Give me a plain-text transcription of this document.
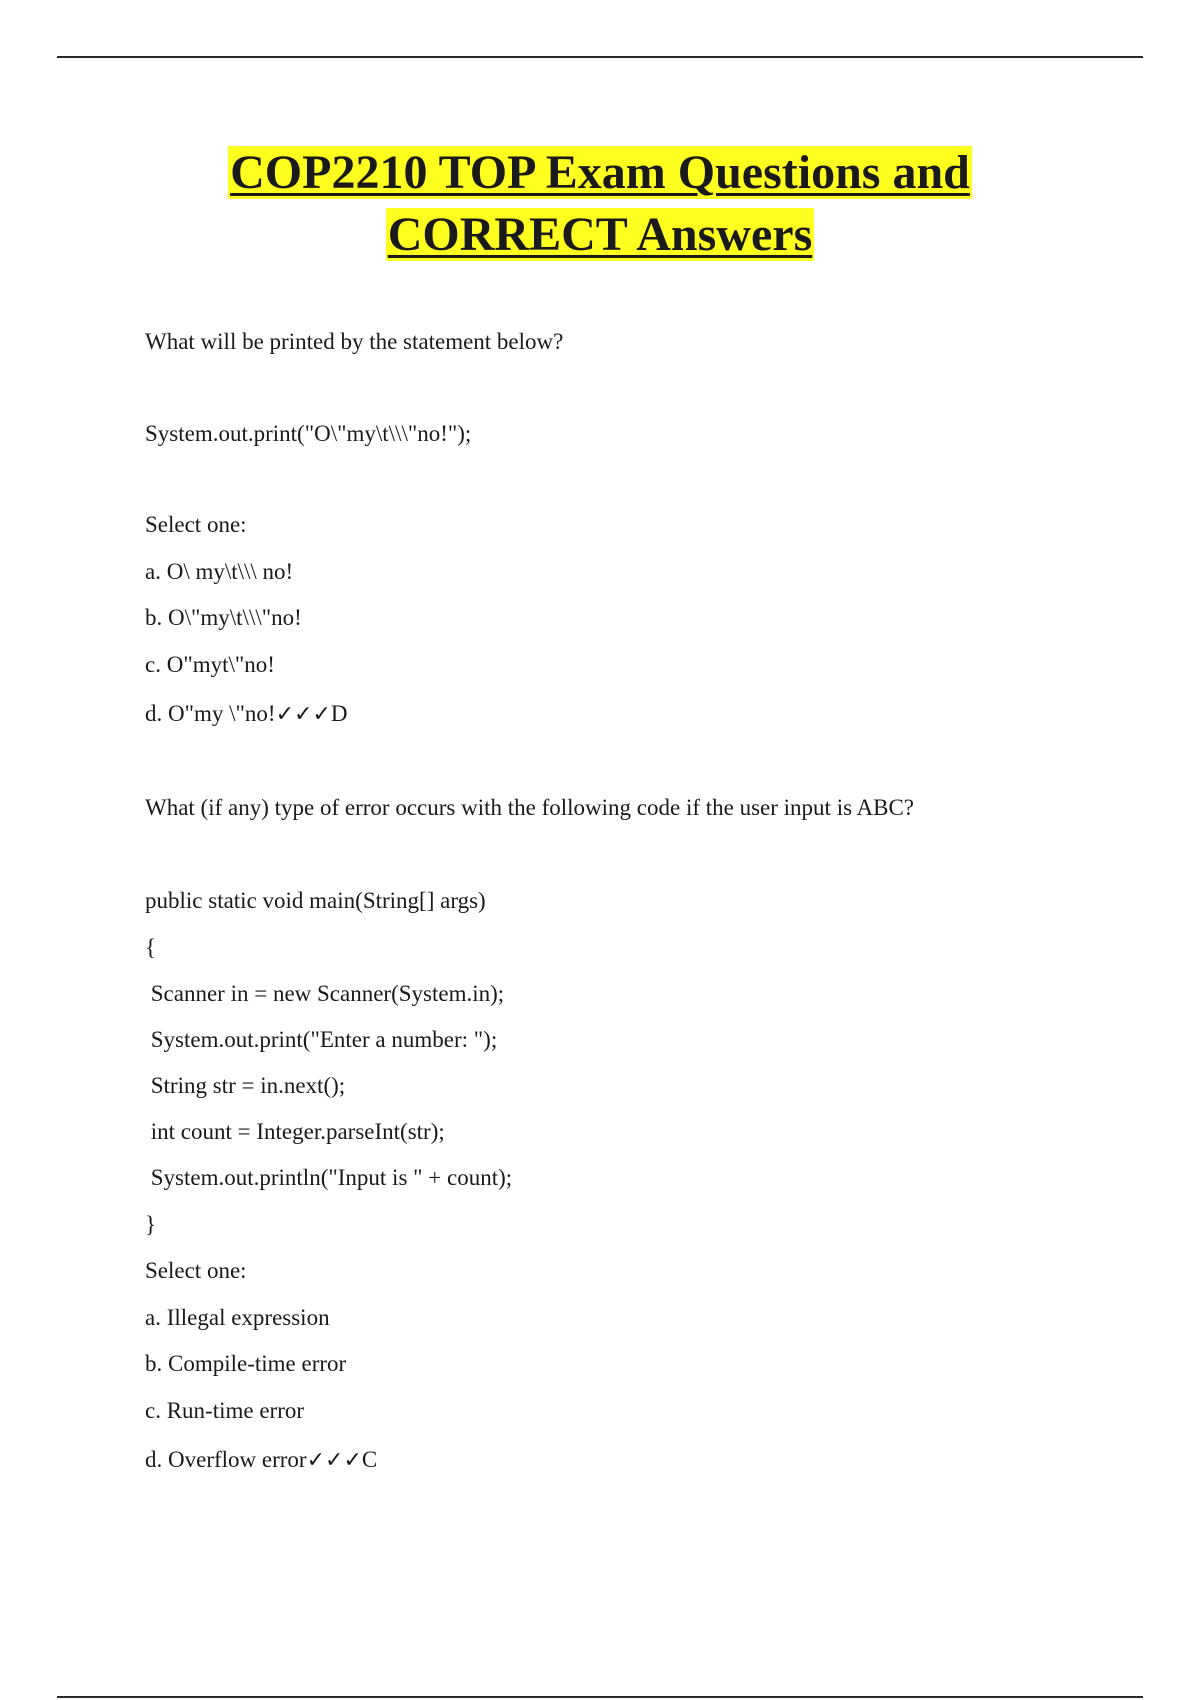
COP2210 TOP Exam Questions and
CORRECT Answers

What will be printed by the statement below?

System.out.print("O\"my\t\\\"no!");

Select one:

a. O\ my\t\\\ no!

b. O\"my\t\\\"no!

c. O"myt\"no!

d. O"my \"no!✓✓✓D

What (if any) type of error occurs with the following code if the user input is ABC?

public static void main(String[] args)

{

Scanner in = new Scanner(System.in);

System.out.print("Enter a number: ");

String str = in.next();

int count = Integer.parseInt(str);

System.out.println("Input is " + count);

}

Select one:

a. Illegal expression

b. Compile-time error

c. Run-time error

d. Overflow error✓✓✓C
